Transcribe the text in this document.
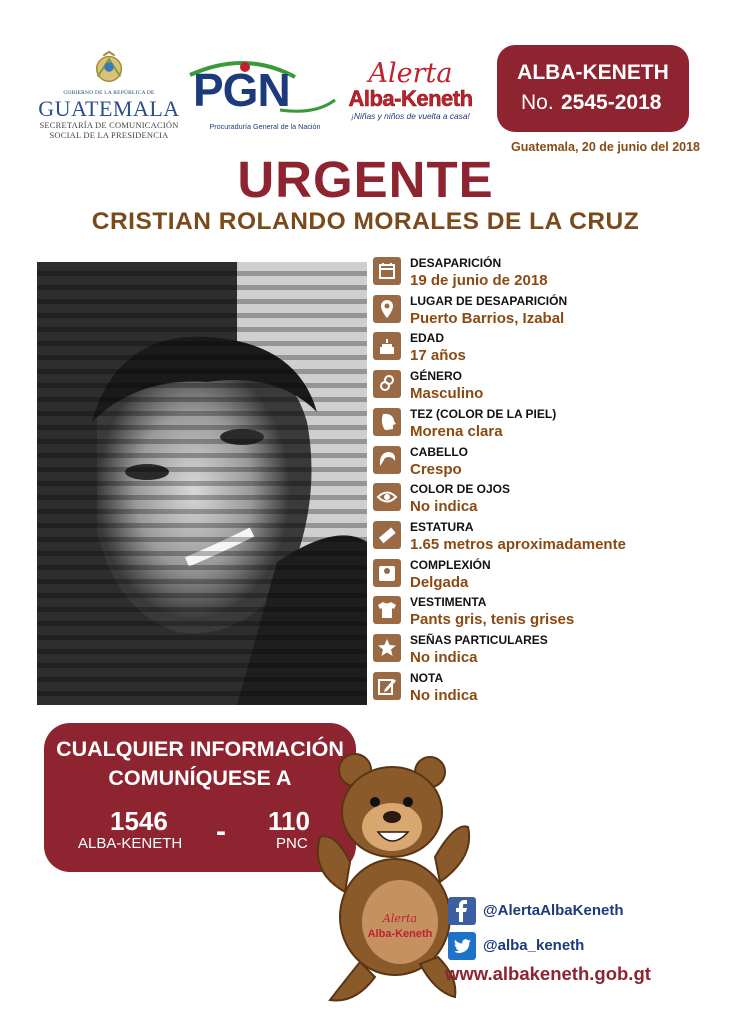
GOBIERNO DE LA REPÚBLICA DE
GUATEMALA
SECRETARÍA DE COMUNICACIÓN
SOCIAL DE LA PRESIDENCIA
PGN
Procuraduría General de la Nación
Alerta
Alba-Keneth
¡Niñas y niños de vuelta a casa!
ALBA-KENETH
No. 2545-2018
Guatemala, 20 de junio del 2018
URGENTE
CRISTIAN ROLANDO MORALES DE LA CRUZ
DESAPARICIÓN
19 de junio de 2018
LUGAR DE DESAPARICIÓN
Puerto Barrios, Izabal
EDAD
17 años
GÉNERO
Masculino
TEZ (COLOR DE LA PIEL)
Morena clara
CABELLO
Crespo
COLOR DE OJOS
No indica
ESTATURA
1.65 metros aproximadamente
COMPLEXIÓN
Delgada
VESTIMENTA
Pants gris, tenis grises
SEÑAS PARTICULARES
No indica
NOTA
No indica
CUALQUIER INFORMACIÓN
COMUNÍQUESE A
1546
ALBA-KENETH - 110
PNC
Alerta
Alba-Keneth
@AlertaAlbaKeneth
@alba_keneth
www.albakeneth.gob.gt
